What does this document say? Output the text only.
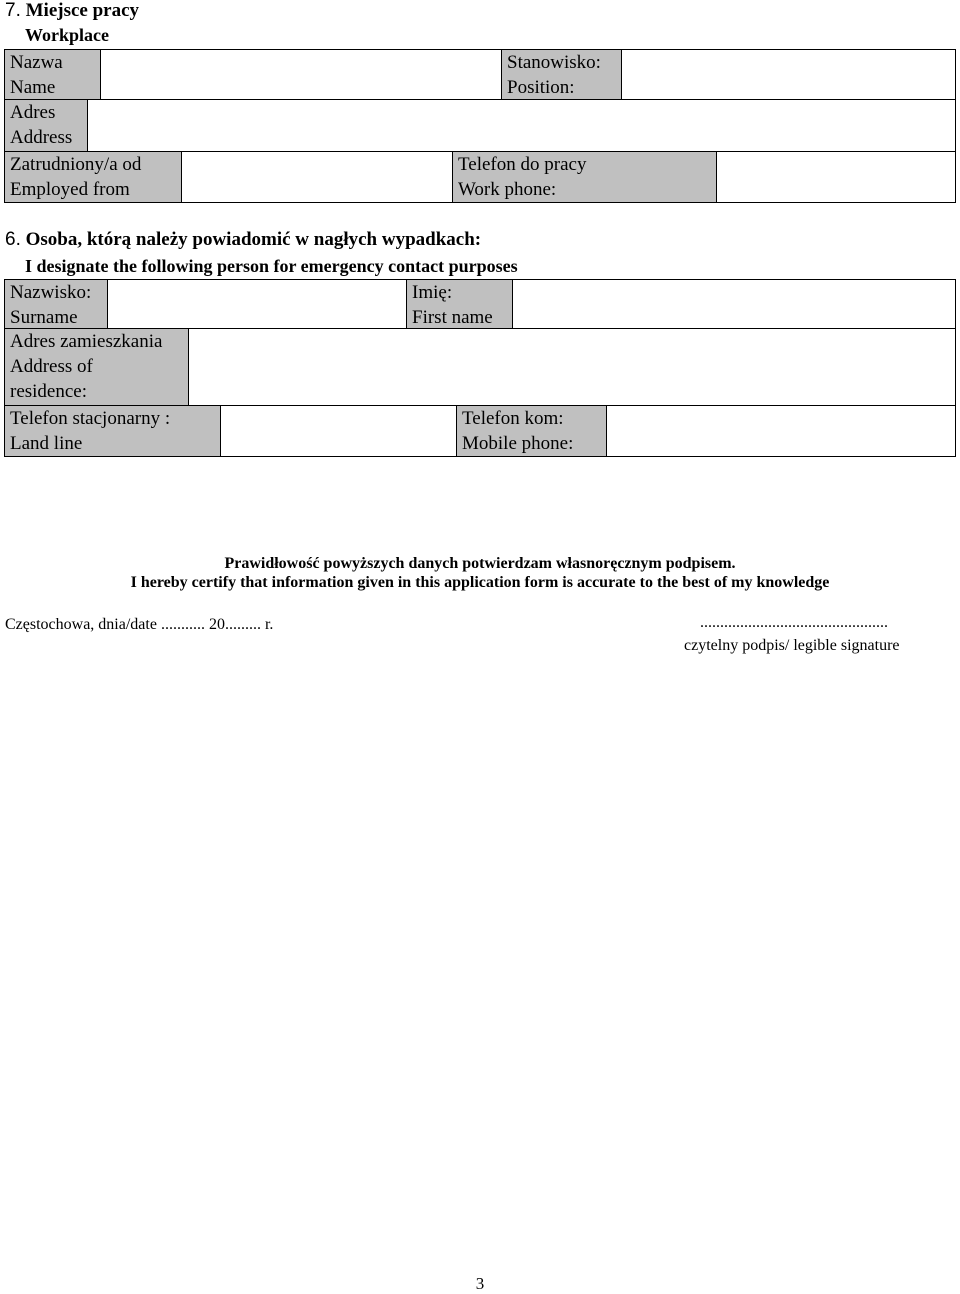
7. Miejsce pracy
Workplace
Nazwa
Name
Stanowisko:
Position:
Adres
Address
Zatrudniony/a od
Employed from
Telefon do pracy
Work phone:
6. Osoba, którą należy powiadomić w nagłych wypadkach:
I designate the following person for emergency contact purposes
Nazwisko:
Surname
Imię:
First name
Adres zamieszkania
Address of
residence:
Telefon stacjonarny :
Land line
Telefon kom:
Mobile phone:
Prawidłowość powyższych danych potwierdzam własnoręcznym podpisem.
I hereby certify that information given in this application form is accurate to the best of my knowledge
Częstochowa, dnia/date ........... 20......... r.	...............................................
czytelny podpis/ legible signature
3
